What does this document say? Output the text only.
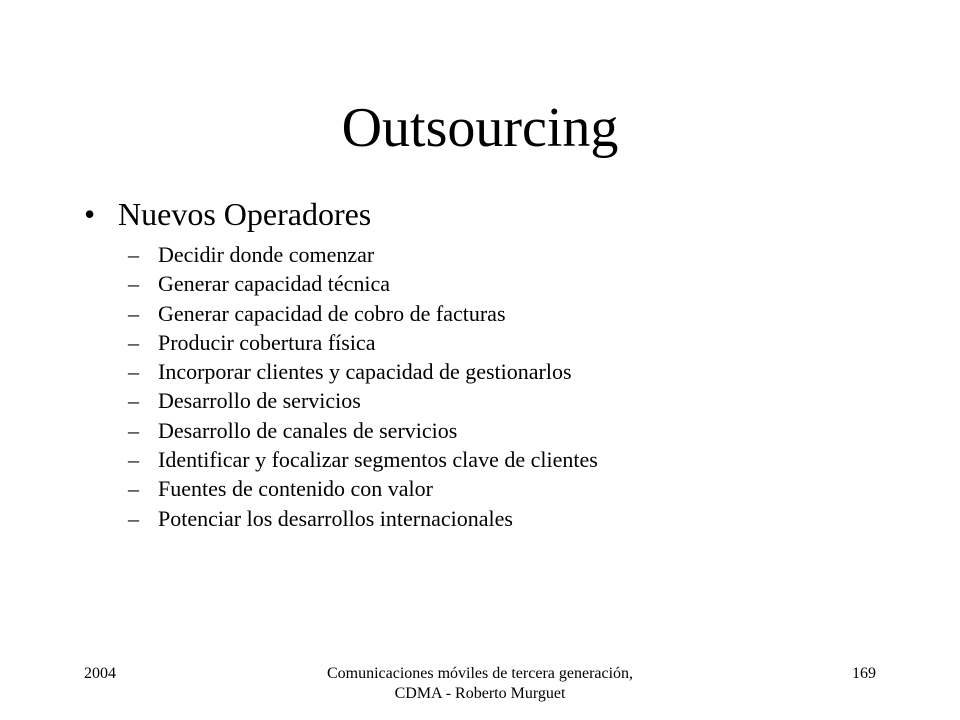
Outsourcing
• Nuevos Operadores
– Decidir donde comenzar
– Generar capacidad técnica
– Generar capacidad de cobro de facturas
– Producir cobertura física
– Incorporar clientes y capacidad de gestionarlos
– Desarrollo de servicios
– Desarrollo de canales de servicios
– Identificar y focalizar segmentos clave de clientes
– Fuentes de contenido con valor
– Potenciar los desarrollos internacionales
2004	Comunicaciones móviles de tercera generación, CDMA - Roberto Murguet
169
